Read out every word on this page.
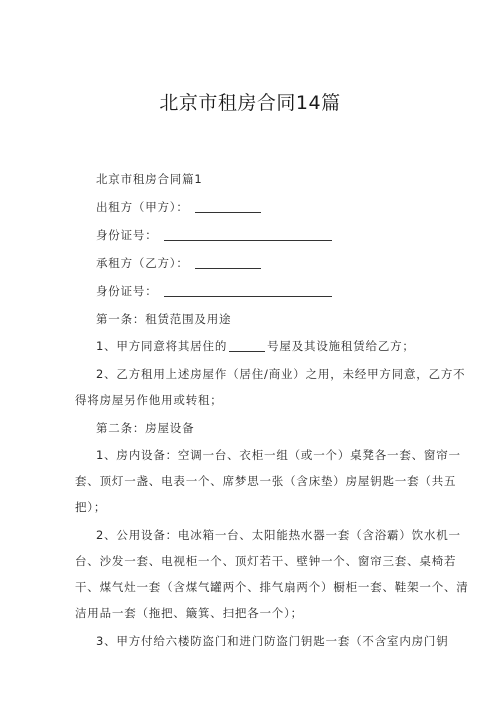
北京市租房合同14篇
北京市租房合同篇1
出租方（甲方）：
身份证号：
承租方（乙方）：
身份证号：
第一条：租赁范围及用途
1、甲方同意将其居住的	号屋及其设施租赁给乙方；
2、乙方租用上述房屋作（居住/商业）之用，未经甲方同意，乙方不
得将房屋另作他用或转租；
第二条：房屋设备
1、房内设备：空调一台、衣柜一组（或一个）桌凳各一套、窗帘一
套、顶灯一盏、电表一个、席梦思一张（含床垫）房屋钥匙一套（共五
把）；
2、公用设备：电冰箱一台、太阳能热水器一套（含浴霸）饮水机一
台、沙发一套、电视柜一个、顶灯若干、壁钟一个、窗帘三套、桌椅若
干、煤气灶一套（含煤气罐两个、排气扇两个）橱柜一套、鞋架一个、清
洁用品一套（拖把、簸箕、扫把各一个）；
3、甲方付给六楼防盗门和进门防盗门钥匙一套（不含室内房门钥
